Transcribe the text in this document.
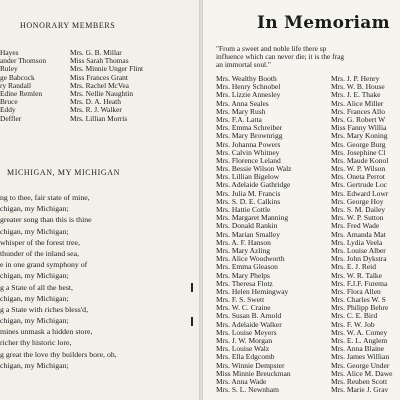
HONORARY MEMBERS
Hayes
ander Thomson
Ruley
ge Babcock
ry Randall
Edine Remlen
Bruce
Eddy
Deffler
Mrs. G. B. Millar
Miss Sarah Thomas
Mrs. Minnie Unger Flint
Miss Frances Grant
Mrs. Rachel McVea
Mrs. Nellie Naughtin
Mrs. D. A. Heath
Mrs. R. J. Walker
Mrs. Lillian Morris
MICHIGAN, MY MICHIGAN
ng to thee, fair state of mine,
chigan, my Michigan;
greater song than this is thine
chigan, my Michigan;
whisper of the forest tree,
thunder of the inland sea,
e in one grand symphony of
chigan, my Michigan;
g a State of all the best,
chigan, my Michigan;
g a State with riches bless'd,
chigan, my Michigan;
mines unmask a hidden store,
richer thy historic lore,
g great the love thy builders bore, oh,
chigan, my Michigan;
In Memoriam
"From a sweet and noble life there sp
influence which can never die; it is the frag
an immortal soul."
Mrs. Wealthy Booth
Mrs. Henry Schnobel
Mrs. Lizzie Annesley
Mrs. Anna Seales
Mrs. Mary Rush
Mrs. F.A. Latta
Mrs. Emma Schreiber
Mrs. Mary Brownrigg
Mrs. Johanna Powers
Mrs. Calvin Whitney
Mrs. Florence Leland
Mrs. Bessie Wilson Walz
Mrs. Lillian Bigelow
Mrs. Adelaide Gathridge
Mrs. Julia M. Francis
Mrs. S. D. E. Calkins
Mrs. Hattie Cottle
Mrs. Margaret Manning
Mrs. Donald Rankin
Mrs. Marian Smalley
Mrs. A. F. Hanson
Mrs. Mary Azling
Mrs. Alice Woodworth
Mrs. Emma Gleason
Mrs. Mary Phelps
Mrs. Theresa Flotz
Mrs. Helen Hemingway
Mrs. F. S. Swett
Mrs. W. C. Craine
Mrs. Susan B. Arnold
Mrs. Adelaide Walker
Mrs. Louise Meyers
Mrs. J. W. Morgan
Mrs. Louise Walz
Mrs. Ella Edgcomb
Mrs. Winnie Dempster
Miss Minnie Breuckman
Mrs. Anna Wade
Mrs. S. L. Newnham
Mrs. J. P. Henry
Mrs. W. B. House
Mrs. J. E. Thake
Mrs. Alice Miller
Mrs. Frances Allo
Mrs. G. Robert W
Miss Fanny Willia
Mrs. Mary Koning
Mrs. George Burg
Mrs. Josephine Cl
Mrs. Maude Konol
Mrs. W. P. Wilson
Mrs. Oneta Perrot
Mrs. Gertrude Loc
Mrs. Edward Lowr
Mrs. George Hoy
Mrs. S. M. Dailey
Mrs. W. P. Sutton
Mrs. Fred Wade
Mrs. Amanda Mat
Mrs. Lydia Veela
Mrs. Louise Alber
Mrs. John Dykstra
Mrs. E. J. Reid
Mrs. W. R. Talke
Mrs. F.J.F. Furema
Mrs. Flora Allen
Mrs. Charles W. S
Mrs. Philipp Behre
Mrs. C. E. Bird
Mrs. F. W. Job
Mrs. W. A. Comey
Mrs. E. L. Anglem
Mrs. Anna Blaine
Mrs. James Willian
Mrs. George Under
Mrs. Alice M. Dawe
Mrs. Reuben Scott
Mrs. Marie J. Grav
